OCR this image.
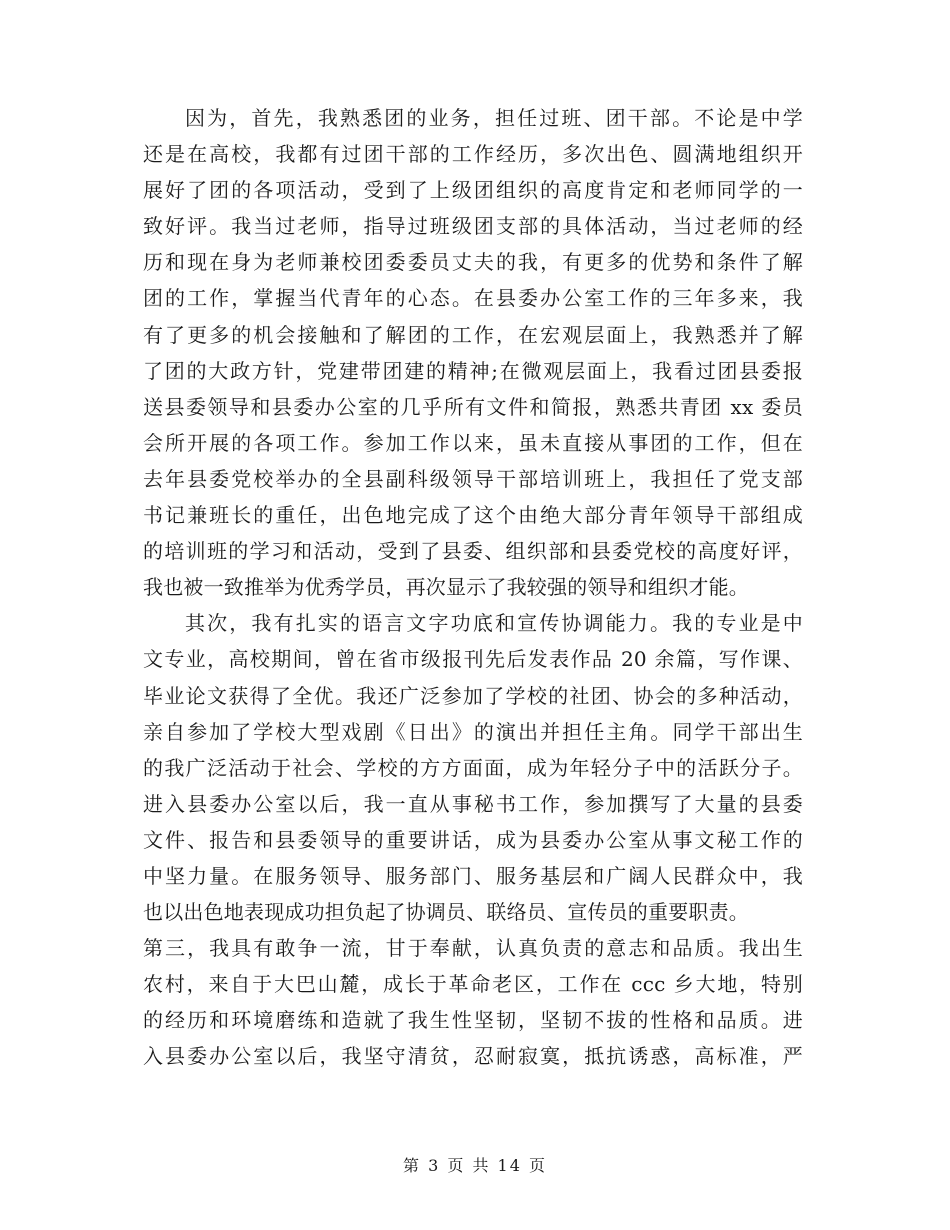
因为，首先，我熟悉团的业务，担任过班、团干部。不论是中学
还是在高校，我都有过团干部的工作经历，多次出色、圆满地组织开
展好了团的各项活动，受到了上级团组织的高度肯定和老师同学的一
致好评。我当过老师，指导过班级团支部的具体活动，当过老师的经
历和现在身为老师兼校团委委员丈夫的我，有更多的优势和条件了解
团的工作，掌握当代青年的心态。在县委办公室工作的三年多来，我
有了更多的机会接触和了解团的工作，在宏观层面上，我熟悉并了解
了团的大政方针，党建带团建的精神;在微观层面上，我看过团县委报
送县委领导和县委办公室的几乎所有文件和简报，熟悉共青团 xx 委员
会所开展的各项工作。参加工作以来，虽未直接从事团的工作，但在
去年县委党校举办的全县副科级领导干部培训班上，我担任了党支部
书记兼班长的重任，出色地完成了这个由绝大部分青年领导干部组成
的培训班的学习和活动，受到了县委、组织部和县委党校的高度好评，
我也被一致推举为优秀学员，再次显示了我较强的领导和组织才能。
其次，我有扎实的语言文字功底和宣传协调能力。我的专业是中
文专业，高校期间，曾在省市级报刊先后发表作品 20 余篇，写作课、
毕业论文获得了全优。我还广泛参加了学校的社团、协会的多种活动，
亲自参加了学校大型戏剧《日出》的演出并担任主角。同学干部出生
的我广泛活动于社会、学校的方方面面，成为年轻分子中的活跃分子。
进入县委办公室以后，我一直从事秘书工作，参加撰写了大量的县委
文件、报告和县委领导的重要讲话，成为县委办公室从事文秘工作的
中坚力量。在服务领导、服务部门、服务基层和广阔人民群众中，我
也以出色地表现成功担负起了协调员、联络员、宣传员的重要职责。
第三，我具有敢争一流，甘于奉献，认真负责的意志和品质。我出生
农村，来自于大巴山麓，成长于革命老区，工作在 ccc 乡大地，特别
的经历和环境磨练和造就了我生性坚韧，坚韧不拔的性格和品质。进
入县委办公室以后，我坚守清贫，忍耐寂寞，抵抗诱惑，高标准，严
第 3 页 共 14 页
